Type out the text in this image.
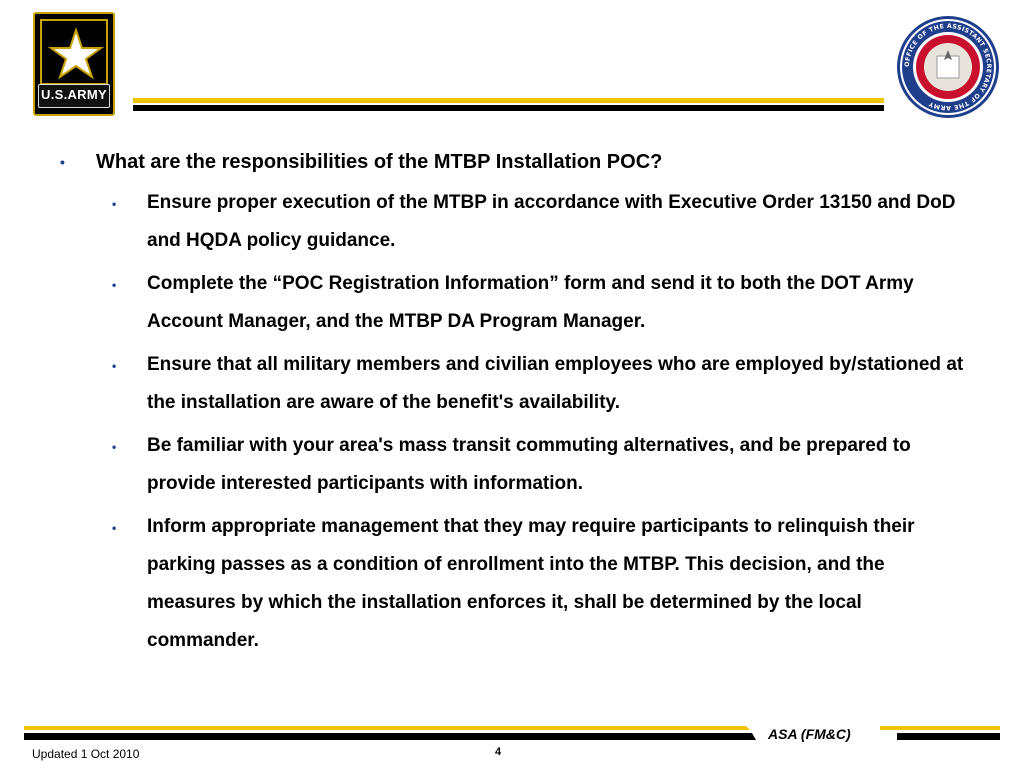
U.S.ARMY
OFFICE OF THE ASSISTANT SECRETARY OF THE ARMY
• What are the responsibilities of the MTBP Installation POC?
• Ensure proper execution of the MTBP in accordance with Executive Order 13150 and DoD and HQDA policy guidance.
• Complete the “POC Registration Information” form and send it to both the DOT Army Account Manager, and the MTBP DA Program Manager.
• Ensure that all military members and civilian employees who are employed by/stationed at the installation are aware of the benefit's availability.
• Be familiar with your area's mass transit commuting alternatives, and be prepared to provide interested participants with information.
• Inform appropriate management that they may require participants to relinquish their parking passes as a condition of enrollment into the MTBP. This decision, and the measures by which the installation enforces it, shall be determined by the local commander.
ASA (FM&C)
Updated 1 Oct 2010	4
